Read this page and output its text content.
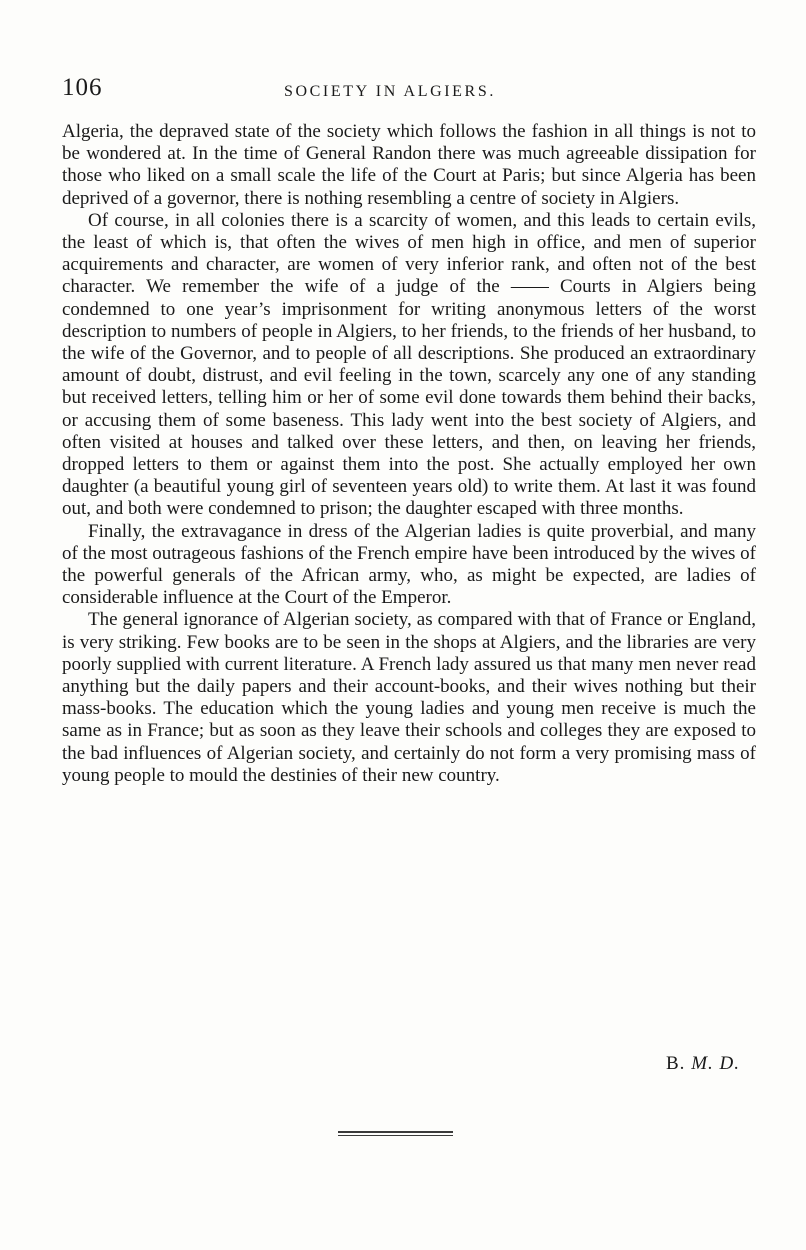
106	SOCIETY IN ALGIERS.

Algeria, the depraved state of the society which follows the fashion in all things is not to be wondered at. In the time of General Randon there was much agreeable dissipation for those who liked on a small scale the life of the Court at Paris; but since Algeria has been deprived of a governor, there is nothing resembling a centre of society in Algiers.

Of course, in all colonies there is a scarcity of women, and this leads to certain evils, the least of which is, that often the wives of men high in office, and men of superior acquirements and character, are women of very inferior rank, and often not of the best character. We remember the wife of a judge of the —— Courts in Algiers being condemned to one year’s imprisonment for writing anonymous letters of the worst description to numbers of people in Algiers, to her friends, to the friends of her husband, to the wife of the Governor, and to people of all descriptions. She produced an extraordinary amount of doubt, distrust, and evil feeling in the town, scarcely any one of any standing but received letters, telling him or her of some evil done towards them behind their backs, or accusing them of some baseness. This lady went into the best society of Algiers, and often visited at houses and talked over these letters, and then, on leaving her friends, dropped letters to them or against them into the post. She actually employed her own daughter (a beautiful young girl of seventeen years old) to write them. At last it was found out, and both were condemned to prison; the daughter escaped with three months.

Finally, the extravagance in dress of the Algerian ladies is quite proverbial, and many of the most outrageous fashions of the French empire have been introduced by the wives of the powerful generals of the African army, who, as might be expected, are ladies of considerable influence at the Court of the Emperor.

The general ignorance of Algerian society, as compared with that of France or England, is very striking. Few books are to be seen in the shops at Algiers, and the libraries are very poorly supplied with current literature. A French lady assured us that many men never read anything but the daily papers and their account-books, and their wives nothing but their mass-books. The education which the young ladies and young men receive is much the same as in France; but as soon as they leave their schools and colleges they are exposed to the bad influences of Algerian society, and certainly do not form a very promising mass of young people to mould the destinies of their new country.

B. M. D.
